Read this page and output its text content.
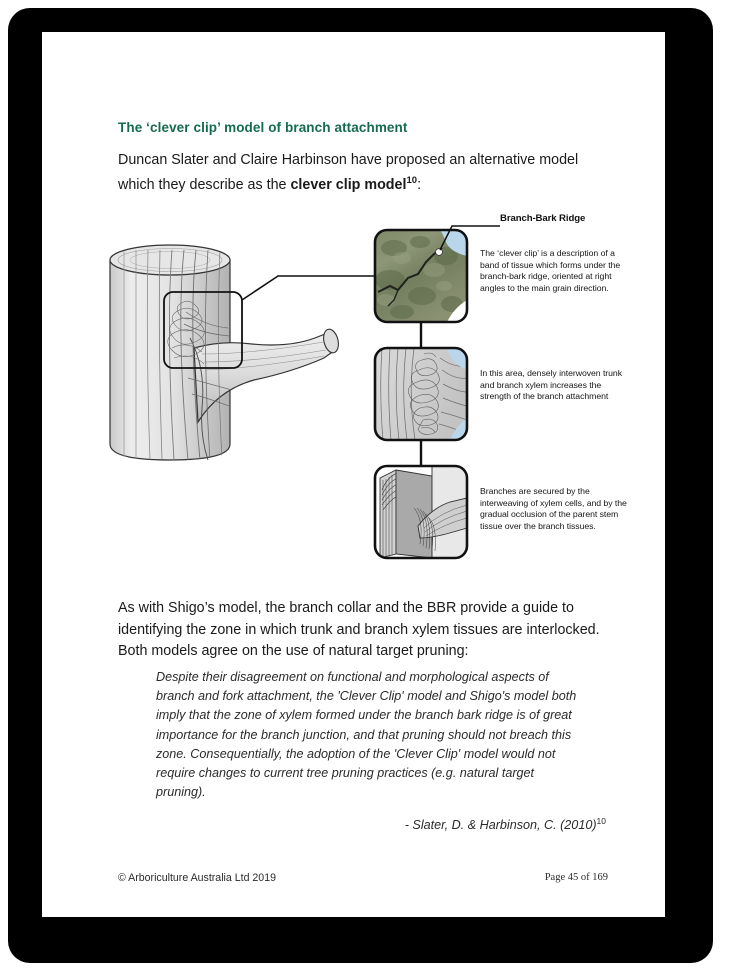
The ‘clever clip’ model of branch attachment
Duncan Slater and Claire Harbinson have proposed an alternative model which they describe as the clever clip model$^{10}$:
Branch-Bark Ridge
The ‘clever clip’ is a description of a band of tissue which forms under the branch-bark ridge, oriented at right angles to the main grain direction.
In this area, densely interwoven trunk and branch xylem increases the strength of the branch attachment
Branches are secured by the interweaving of xylem cells, and by the gradual occlusion of the parent stem tissue over the branch tissues.
As with Shigo’s model, the branch collar and the BBR provide a guide to identifying the zone in which trunk and branch xylem tissues are interlocked. Both models agree on the use of natural target pruning:
Despite their disagreement on functional and morphological aspects of branch and fork attachment, the 'Clever Clip' model and Shigo's model both imply that the zone of xylem formed under the branch bark ridge is of great importance for the branch junction, and that pruning should not breach this zone. Consequentially, the adoption of the 'Clever Clip' model would not require changes to current tree pruning practices (e.g. natural target pruning).
- Slater, D. & Harbinson, C. $(2010)^{10}$
© Arboriculture Australia Ltd 2019	Page 45 of 169
